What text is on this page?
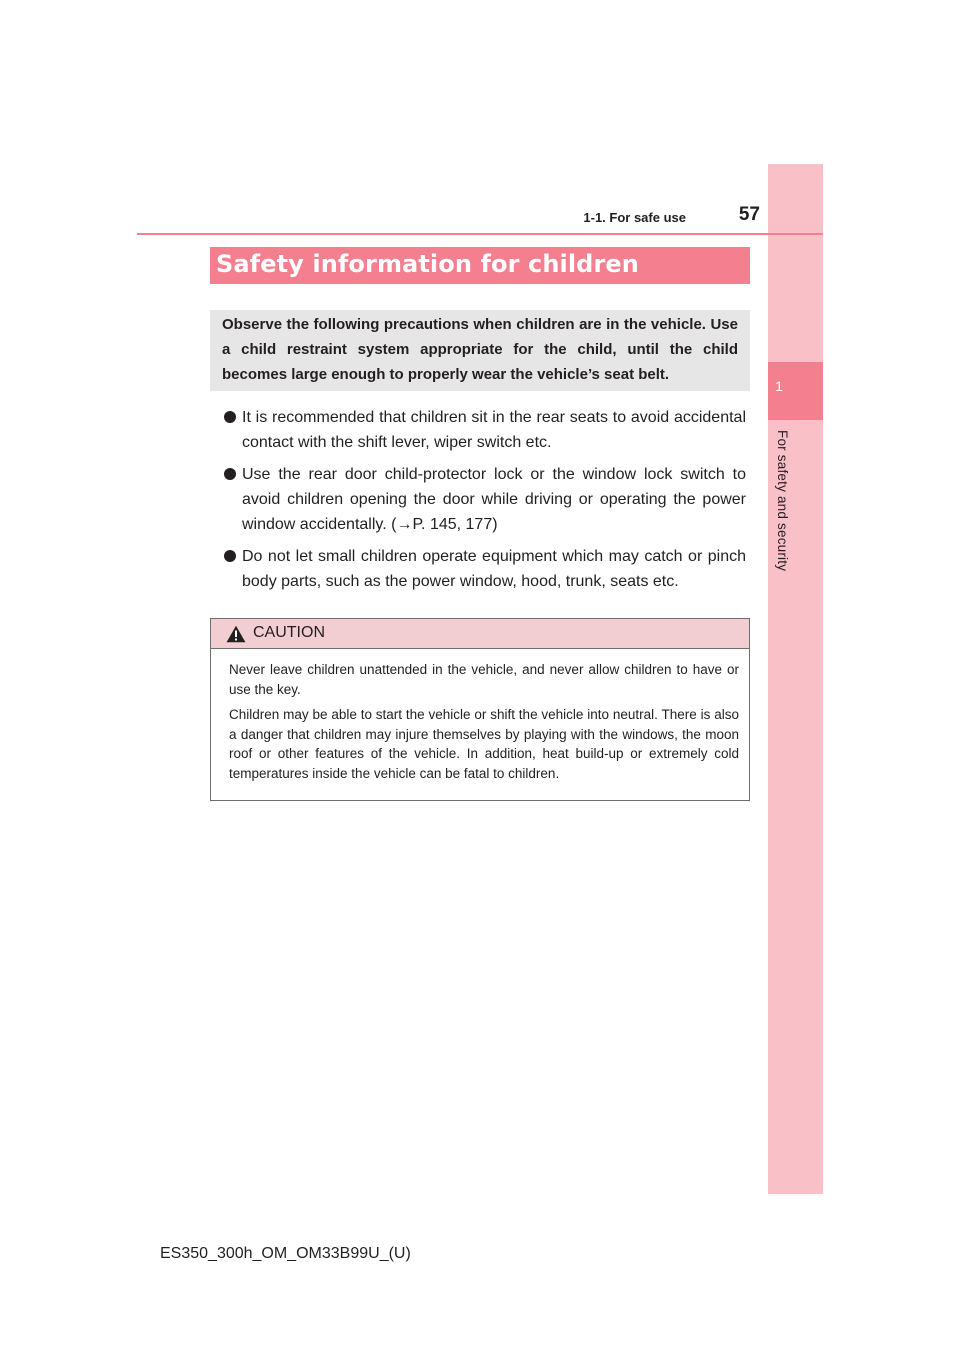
1
For safety and security
1-1. For safe use	57
Safety information for children
Observe the following precautions when children are in the vehicle. Use a child restraint system appropriate for the child, until the child becomes large enough to properly wear the vehicle’s seat belt.
It is recommended that children sit in the rear seats to avoid accidental contact with the shift lever, wiper switch etc.
Use the rear door child-protector lock or the window lock switch to avoid children opening the door while driving or operating the power window accidentally. (→P. 145, 177)
Do not let small children operate equipment which may catch or pinch body parts, such as the power window, hood, trunk, seats etc.
CAUTION

Never leave children unattended in the vehicle, and never allow children to have or use the key.

Children may be able to start the vehicle or shift the vehicle into neutral. There is also a danger that children may injure themselves by playing with the windows, the moon roof or other features of the vehicle. In addition, heat build-up or extremely cold temperatures inside the vehicle can be fatal to children.

ES350_300h_OM_OM33B99U_(U)
